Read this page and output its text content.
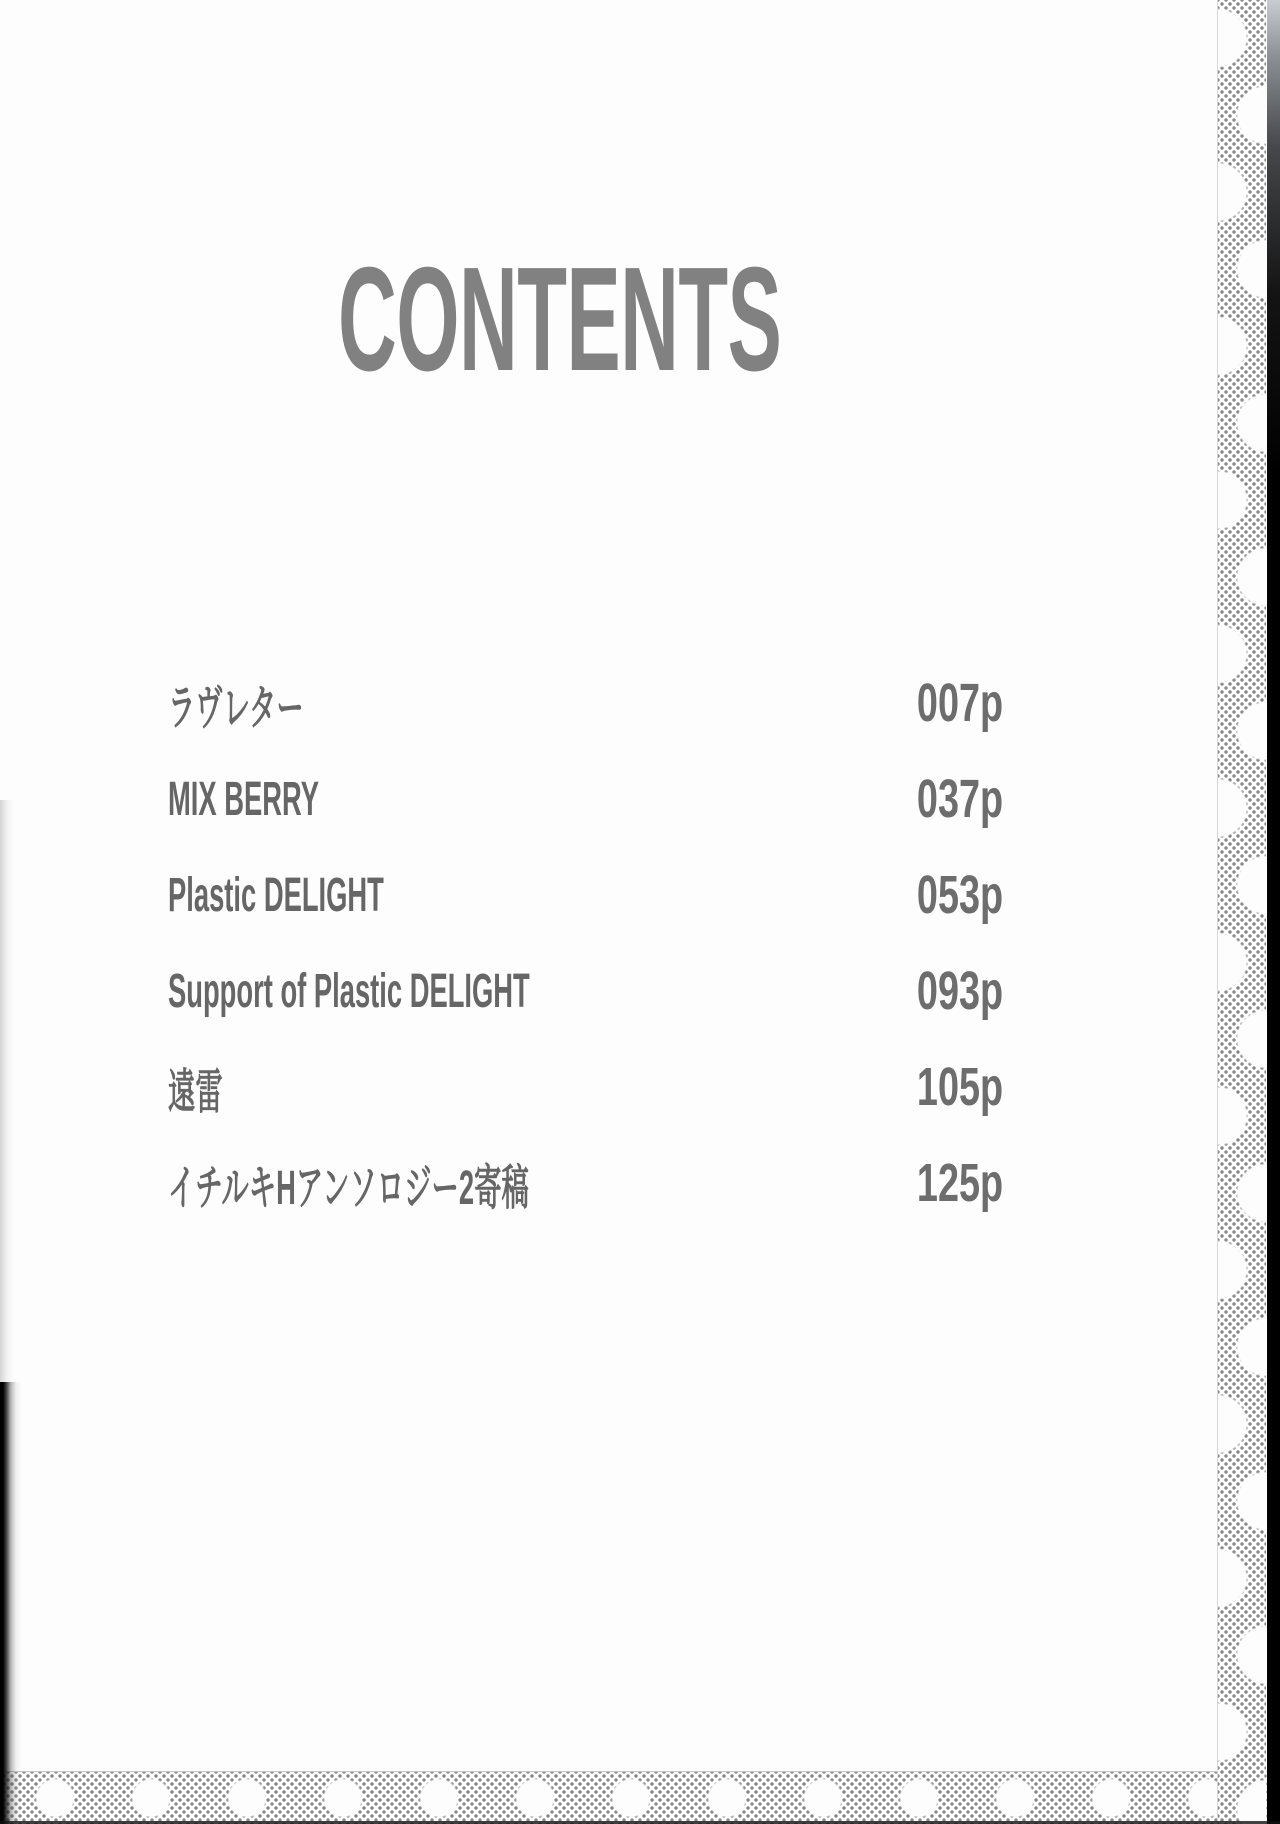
CONTENTS
ラヴレター	007p
MIX BERRY	037p
Plastic DELIGHT	053p
Support of Plastic DELIGHT	093p
遠雷	105p
イチルキHアンソロジー2寄稿	125p
